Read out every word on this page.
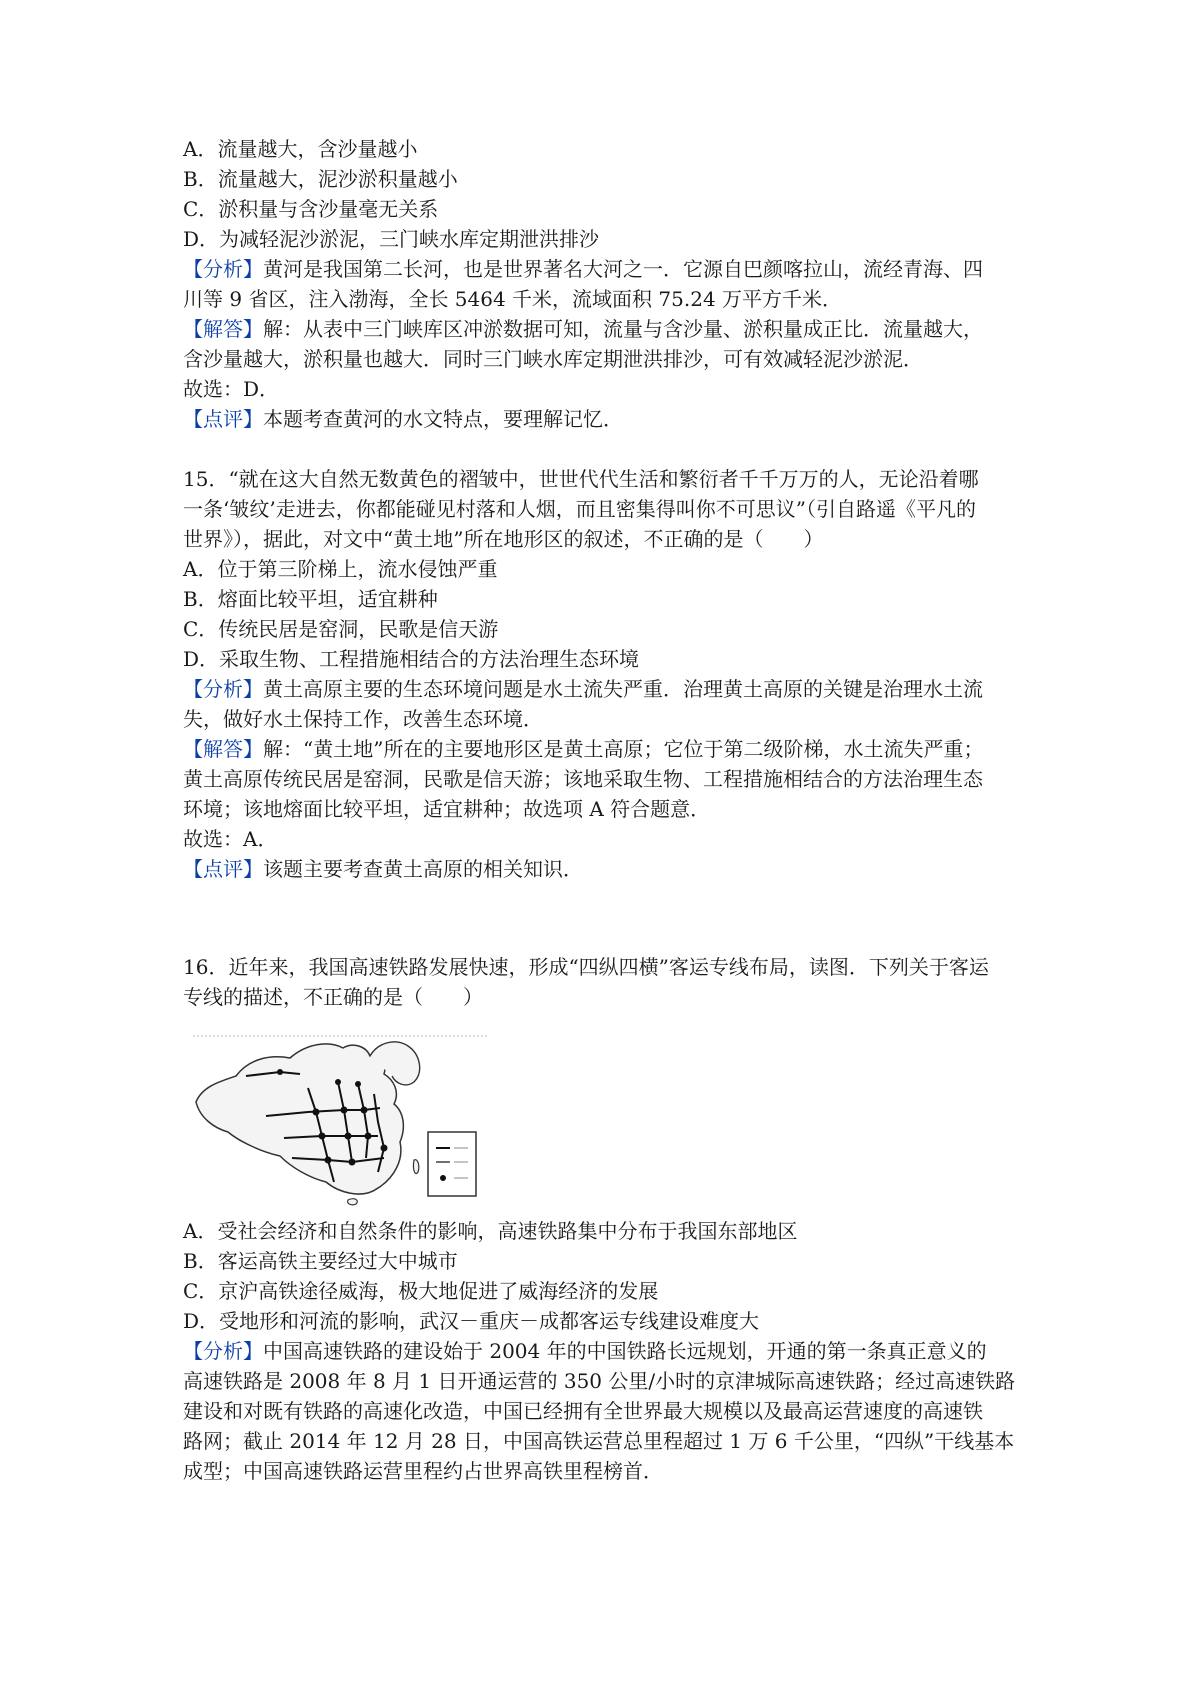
A．流量越大，含沙量越小
B．流量越大，泥沙淤积量越小
C．淤积量与含沙量毫无关系
D．为减轻泥沙淤泥，三门峡水库定期泄洪排沙
【分析】黄河是我国第二长河，也是世界著名大河之一．它源自巴颜喀拉山，流经青海、四
川等 9 省区，注入渤海，全长 5464 千米，流域面积 75.24 万平方千米．
【解答】解：从表中三门峡库区冲淤数据可知，流量与含沙量、淤积量成正比．流量越大，
含沙量越大，淤积量也越大．同时三门峡水库定期泄洪排沙，可有效减轻泥沙淤泥．
故选：D．
【点评】本题考查黄河的水文特点，要理解记忆．
15．“就在这大自然无数黄色的褶皱中，世世代代生活和繁衍者千千万万的人，无论沿着哪
一条‘皱纹’走进去，你都能碰见村落和人烟，而且密集得叫你不可思议”（引自路遥《平凡的
世界》），据此，对文中“黄土地”所在地形区的叙述，不正确的是（　　）
A．位于第三阶梯上，流水侵蚀严重
B．熔面比较平坦，适宜耕种
C．传统民居是窑洞，民歌是信天游
D．采取生物、工程措施相结合的方法治理生态环境
【分析】黄土高原主要的生态环境问题是水土流失严重．治理黄土高原的关键是治理水土流
失，做好水土保持工作，改善生态环境．
【解答】解：“黄土地”所在的主要地形区是黄土高原；它位于第二级阶梯，水土流失严重；
黄土高原传统民居是窑洞，民歌是信天游；该地采取生物、工程措施相结合的方法治理生态
环境；该地熔面比较平坦，适宜耕种；故选项 A 符合题意．
故选：A．
【点评】该题主要考查黄土高原的相关知识．
16．近年来，我国高速铁路发展快速，形成“四纵四横”客运专线布局，读图．下列关于客运
专线的描述，不正确的是（　　）
A．受社会经济和自然条件的影响，高速铁路集中分布于我国东部地区
B．客运高铁主要经过大中城市
C．京沪高铁途径威海，极大地促进了威海经济的发展
D．受地形和河流的影响，武汉－重庆－成都客运专线建设难度大
【分析】中国高速铁路的建设始于 2004 年的中国铁路长远规划，开通的第一条真正意义的
高速铁路是 2008 年 8 月 1 日开通运营的 350 公里/小时的京津城际高速铁路；经过高速铁路
建设和对既有铁路的高速化改造，中国已经拥有全世界最大规模以及最高运营速度的高速铁
路网；截止 2014 年 12 月 28 日，中国高铁运营总里程超过 1 万 6 千公里，“四纵”干线基本
成型；中国高速铁路运营里程约占世界高铁里程榜首．
